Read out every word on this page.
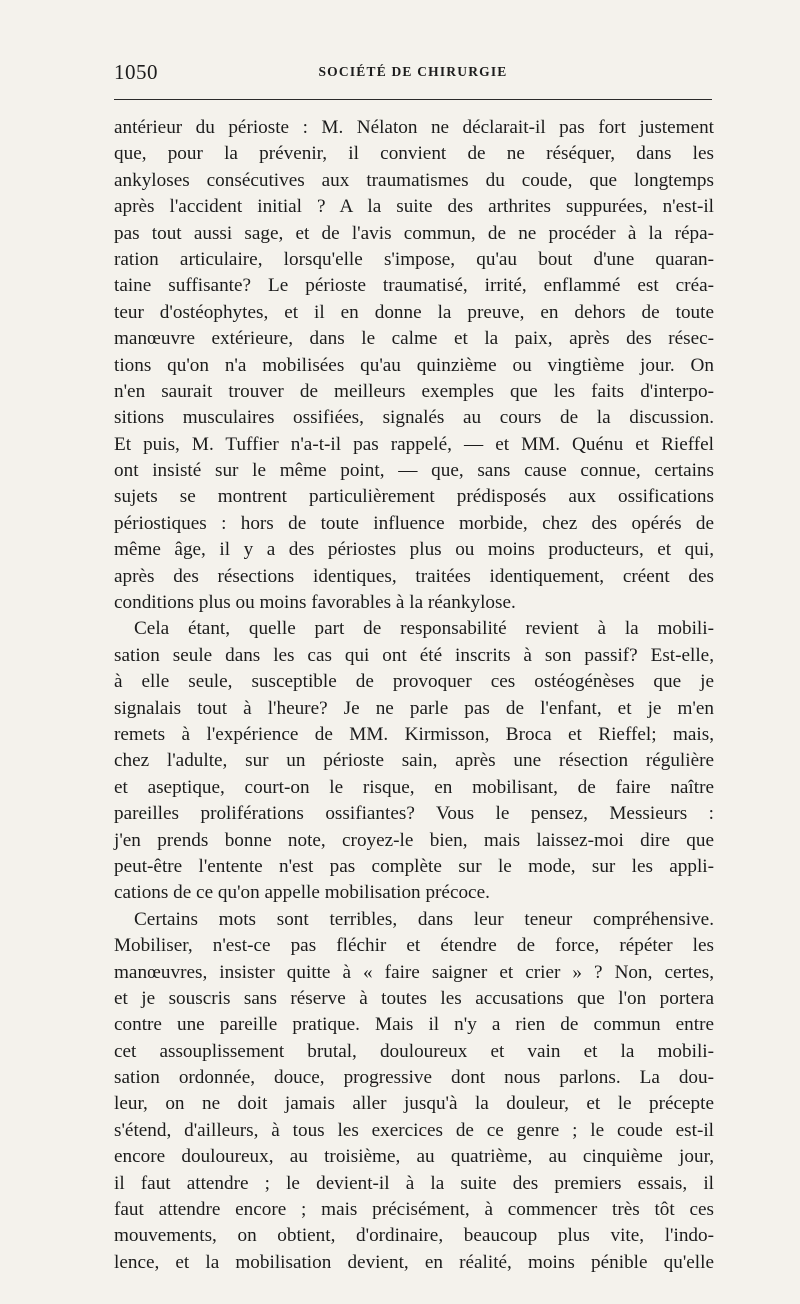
1050	SOCIÉTÉ DE CHIRURGIE
antérieur du périoste : M. Nélaton ne déclarait-il pas fort justement
que, pour la prévenir, il convient de ne réséquer, dans les
ankyloses consécutives aux traumatismes du coude, que longtemps
après l'accident initial ? A la suite des arthrites suppurées, n'est-il
pas tout aussi sage, et de l'avis commun, de ne procéder à la répa-
ration articulaire, lorsqu'elle s'impose, qu'au bout d'une quaran-
taine suffisante? Le périoste traumatisé, irrité, enflammé est créa-
teur d'ostéophytes, et il en donne la preuve, en dehors de toute
manœuvre extérieure, dans le calme et la paix, après des résec-
tions qu'on n'a mobilisées qu'au quinzième ou vingtième jour. On
n'en saurait trouver de meilleurs exemples que les faits d'interpo-
sitions musculaires ossifiées, signalés au cours de la discussion.
Et puis, M. Tuffier n'a-t-il pas rappelé, — et MM. Quénu et Rieffel
ont insisté sur le même point, — que, sans cause connue, certains
sujets se montrent particulièrement prédisposés aux ossifications
périostiques : hors de toute influence morbide, chez des opérés de
même âge, il y a des périostes plus ou moins producteurs, et qui,
après des résections identiques, traitées identiquement, créent des
conditions plus ou moins favorables à la réankylose.
Cela étant, quelle part de responsabilité revient à la mobili-
sation seule dans les cas qui ont été inscrits à son passif? Est-elle,
à elle seule, susceptible de provoquer ces ostéogénèses que je
signalais tout à l'heure? Je ne parle pas de l'enfant, et je m'en
remets à l'expérience de MM. Kirmisson, Broca et Rieffel; mais,
chez l'adulte, sur un périoste sain, après une résection régulière
et aseptique, court-on le risque, en mobilisant, de faire naître
pareilles proliférations ossifiantes? Vous le pensez, Messieurs :
j'en prends bonne note, croyez-le bien, mais laissez-moi dire que
peut-être l'entente n'est pas complète sur le mode, sur les appli-
cations de ce qu'on appelle mobilisation précoce.
Certains mots sont terribles, dans leur teneur compréhensive.
Mobiliser, n'est-ce pas fléchir et étendre de force, répéter les
manœuvres, insister quitte à « faire saigner et crier » ? Non, certes,
et je souscris sans réserve à toutes les accusations que l'on portera
contre une pareille pratique. Mais il n'y a rien de commun entre
cet assouplissement brutal, douloureux et vain et la mobili-
sation ordonnée, douce, progressive dont nous parlons. La dou-
leur, on ne doit jamais aller jusqu'à la douleur, et le précepte
s'étend, d'ailleurs, à tous les exercices de ce genre ; le coude est-il
encore douloureux, au troisième, au quatrième, au cinquième jour,
il faut attendre ; le devient-il à la suite des premiers essais, il
faut attendre encore ; mais précisément, à commencer très tôt ces
mouvements, on obtient, d'ordinaire, beaucoup plus vite, l'indo-
lence, et la mobilisation devient, en réalité, moins pénible qu'elle
